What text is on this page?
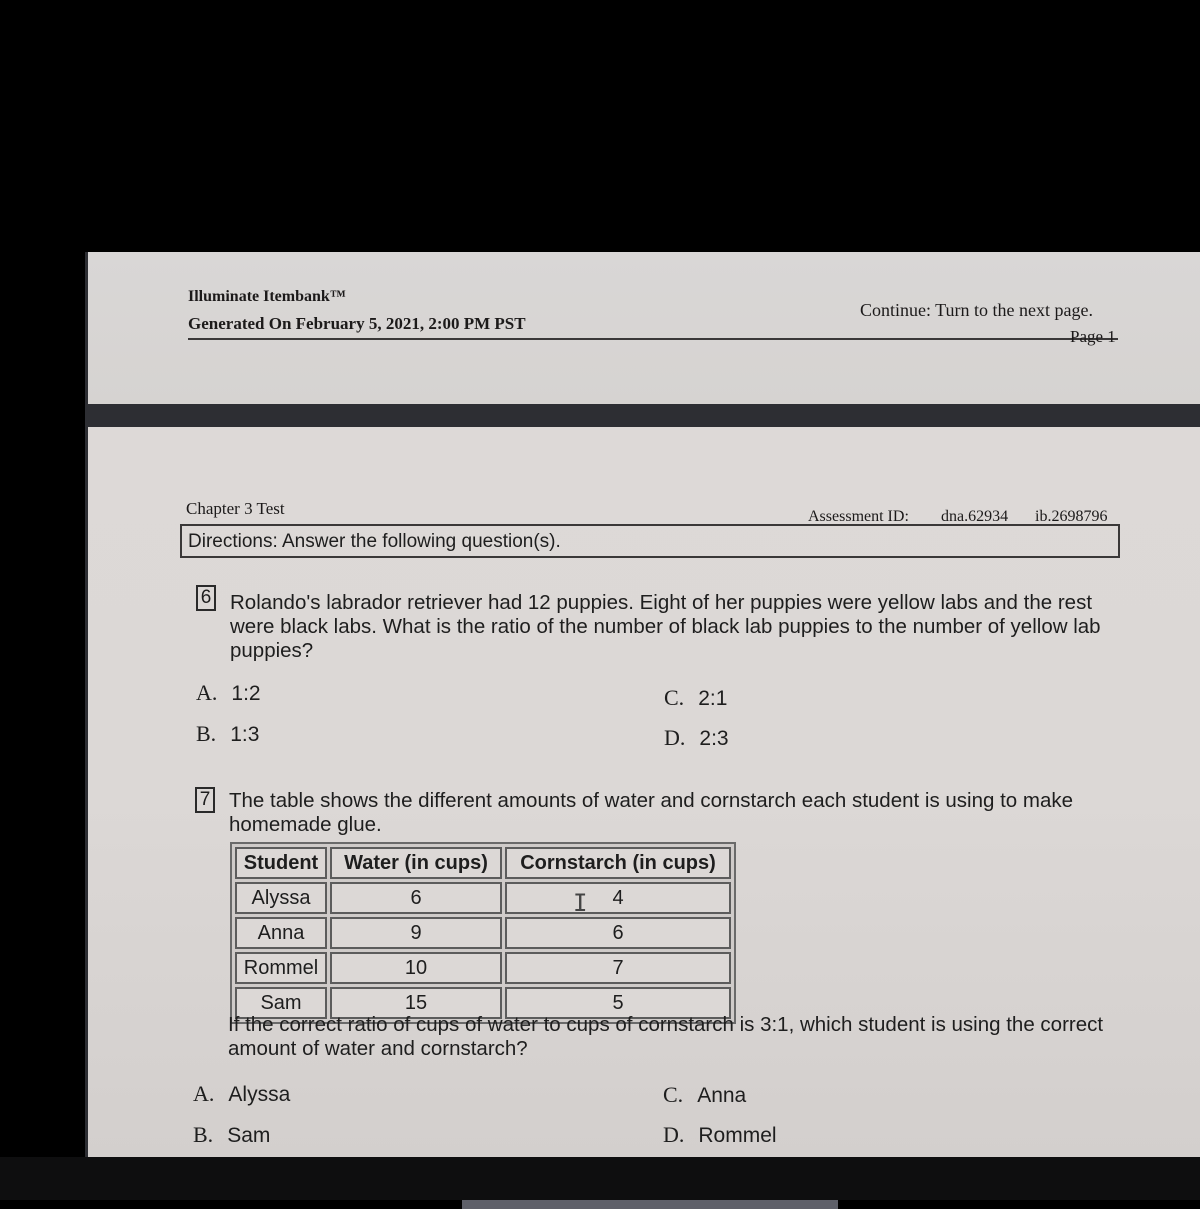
Illuminate Itembank™
Generated On February 5, 2021, 2:00 PM PST
Continue: Turn to the next page.
Page 1
Chapter 3 Test	Assessment ID: dna.62934 ib.2698796
Directions: Answer the following question(s).
6 Rolando's labrador retriever had 12 puppies. Eight of her puppies were yellow labs and the rest were black labs. What is the ratio of the number of black lab puppies to the number of yellow lab puppies?
A. 1:2
B. 1:3
C. 2:1
D. 2:3
7 The table shows the different amounts of water and cornstarch each student is using to make homemade glue.
Student	Water (in cups)	Cornstarch (in cups)
Alyssa	6	4
Anna	9	6
Rommel	10	7
Sam	15	5
If the correct ratio of cups of water to cups of cornstarch is 3:1, which student is using the correct amount of water and cornstarch?
A. Alyssa
B. Sam
C. Anna
D. Rommel
I
